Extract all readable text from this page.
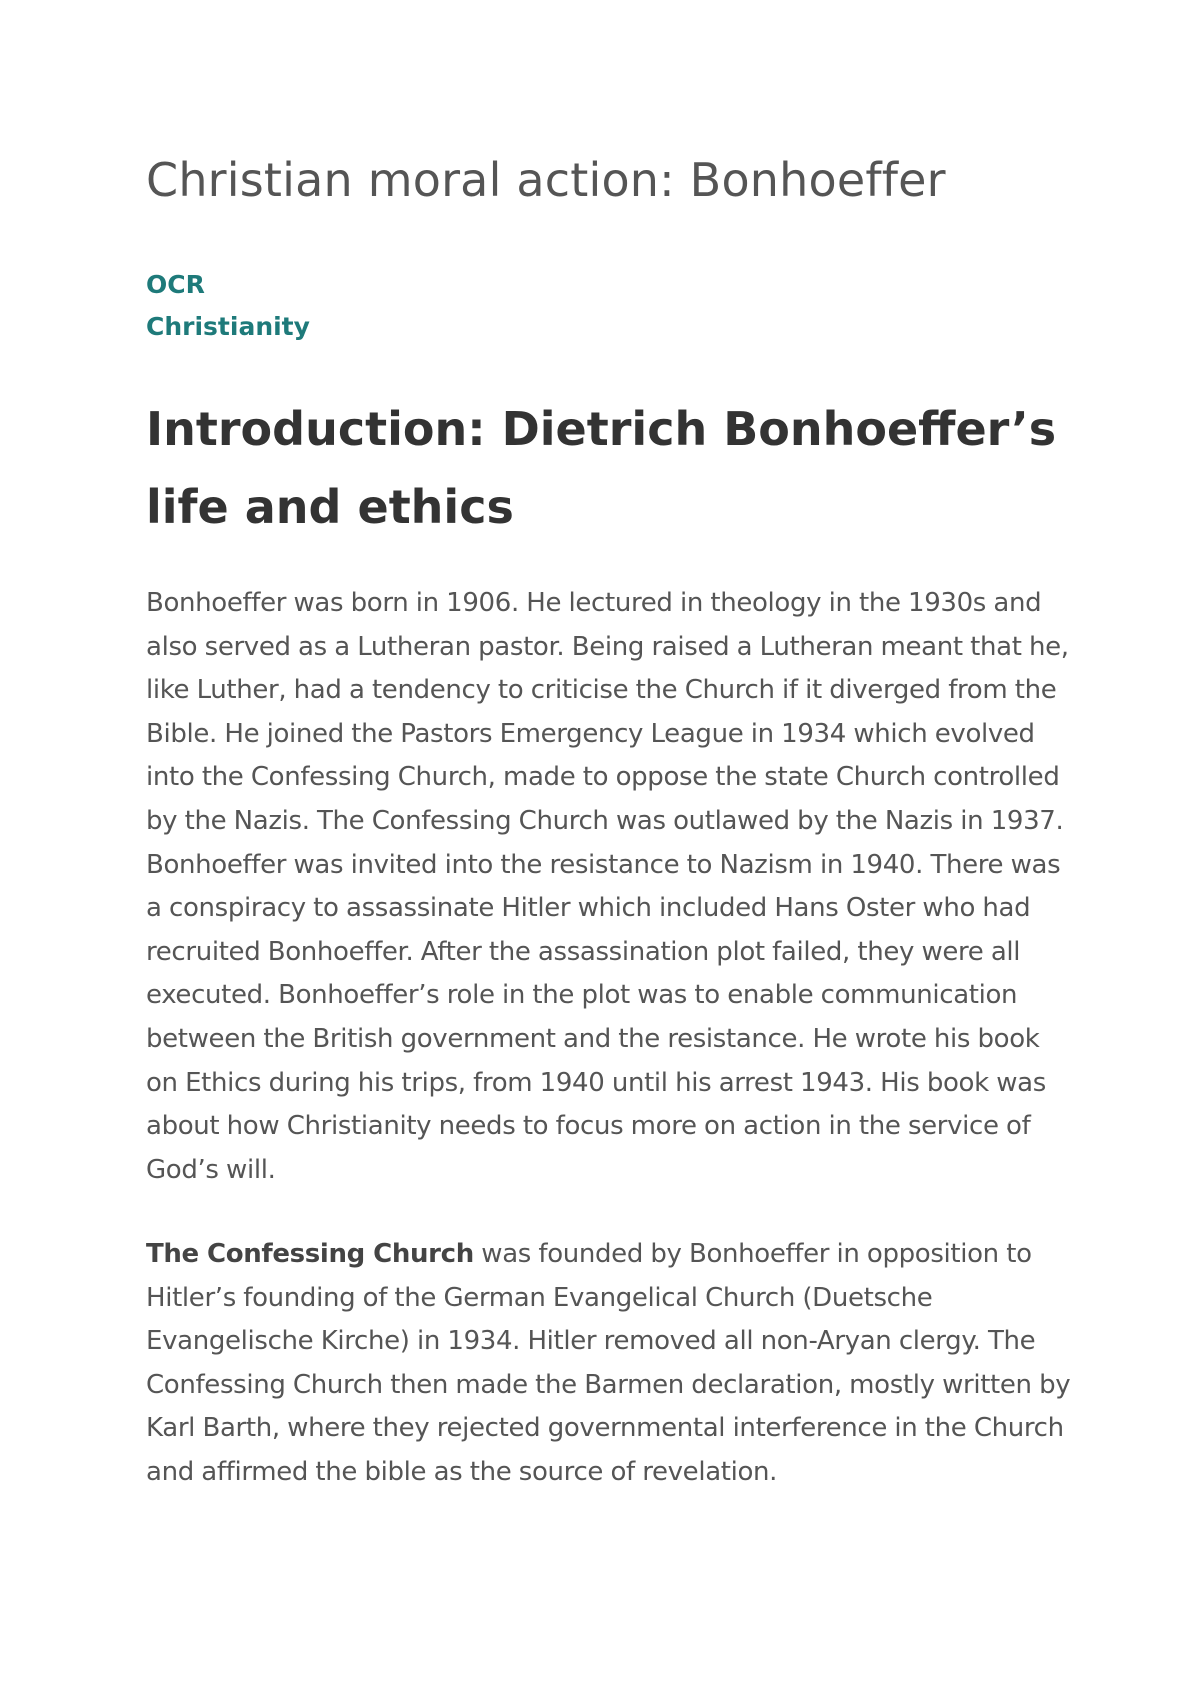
Christian moral action: Bonhoeffer
OCR
Christianity
Introduction: Dietrich Bonhoeffer’s life and ethics

Bonhoeffer was born in 1906. He lectured in theology in the 1930s and also served as a Lutheran pastor. Being raised a Lutheran meant that he, like Luther, had a tendency to criticise the Church if it diverged from the Bible. He joined the Pastors Emergency League in 1934 which evolved into the Confessing Church, made to oppose the state Church controlled by the Nazis. The Confessing Church was outlawed by the Nazis in 1937. Bonhoeffer was invited into the resistance to Nazism in 1940. There was a conspiracy to assassinate Hitler which included Hans Oster who had recruited Bonhoeffer. After the assassination plot failed, they were all executed. Bonhoeffer’s role in the plot was to enable communication between the British government and the resistance. He wrote his book on Ethics during his trips, from 1940 until his arrest 1943. His book was about how Christianity needs to focus more on action in the service of God’s will.

The Confessing Church was founded by Bonhoeffer in opposition to Hitler’s founding of the German Evangelical Church (Duetsche Evangelische Kirche) in 1934. Hitler removed all non-Aryan clergy. The Confessing Church then made the Barmen declaration, mostly written by Karl Barth, where they rejected governmental interference in the Church and affirmed the bible as the source of revelation.
